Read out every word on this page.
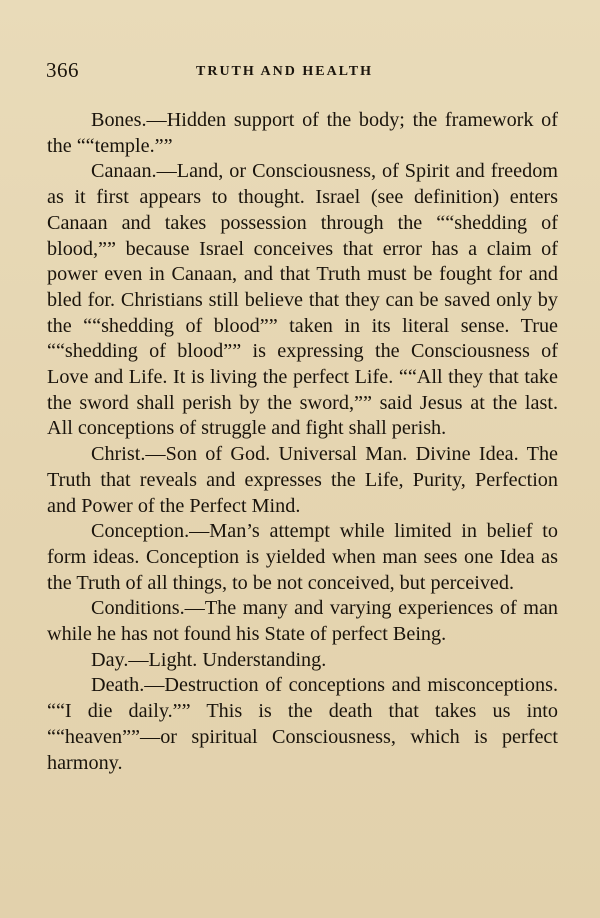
366	TRUTH AND HEALTH

Bones.—Hidden support of the body; the framework of the ““temple.””

Canaan.—Land, or Consciousness, of Spirit and freedom as it first appears to thought. Israel (see definition) enters Canaan and takes possession through the ““shedding of blood,”” because Israel conceives that error has a claim of power even in Canaan, and that Truth must be fought for and bled for. Christians still believe that they can be saved only by the ““shedding of blood”” taken in its literal sense. True ““shedding of blood”” is expressing the Consciousness of Love and Life. It is living the perfect Life. ““All they that take the sword shall perish by the sword,”” said Jesus at the last. All conceptions of struggle and fight shall perish.

Christ.—Son of God. Universal Man. Divine Idea. The Truth that reveals and expresses the Life, Purity, Perfection and Power of the Perfect Mind.

Conception.—Man’s attempt while limited in belief to form ideas. Conception is yielded when man sees one Idea as the Truth of all things, to be not conceived, but perceived.

Conditions.—The many and varying experiences of man while he has not found his State of perfect Being.

Day.—Light. Understanding.

Death.—Destruction of conceptions and misconceptions. ““I die daily.”” This is the death that takes us into ““heaven””—or spiritual Consciousness, which is perfect harmony.
